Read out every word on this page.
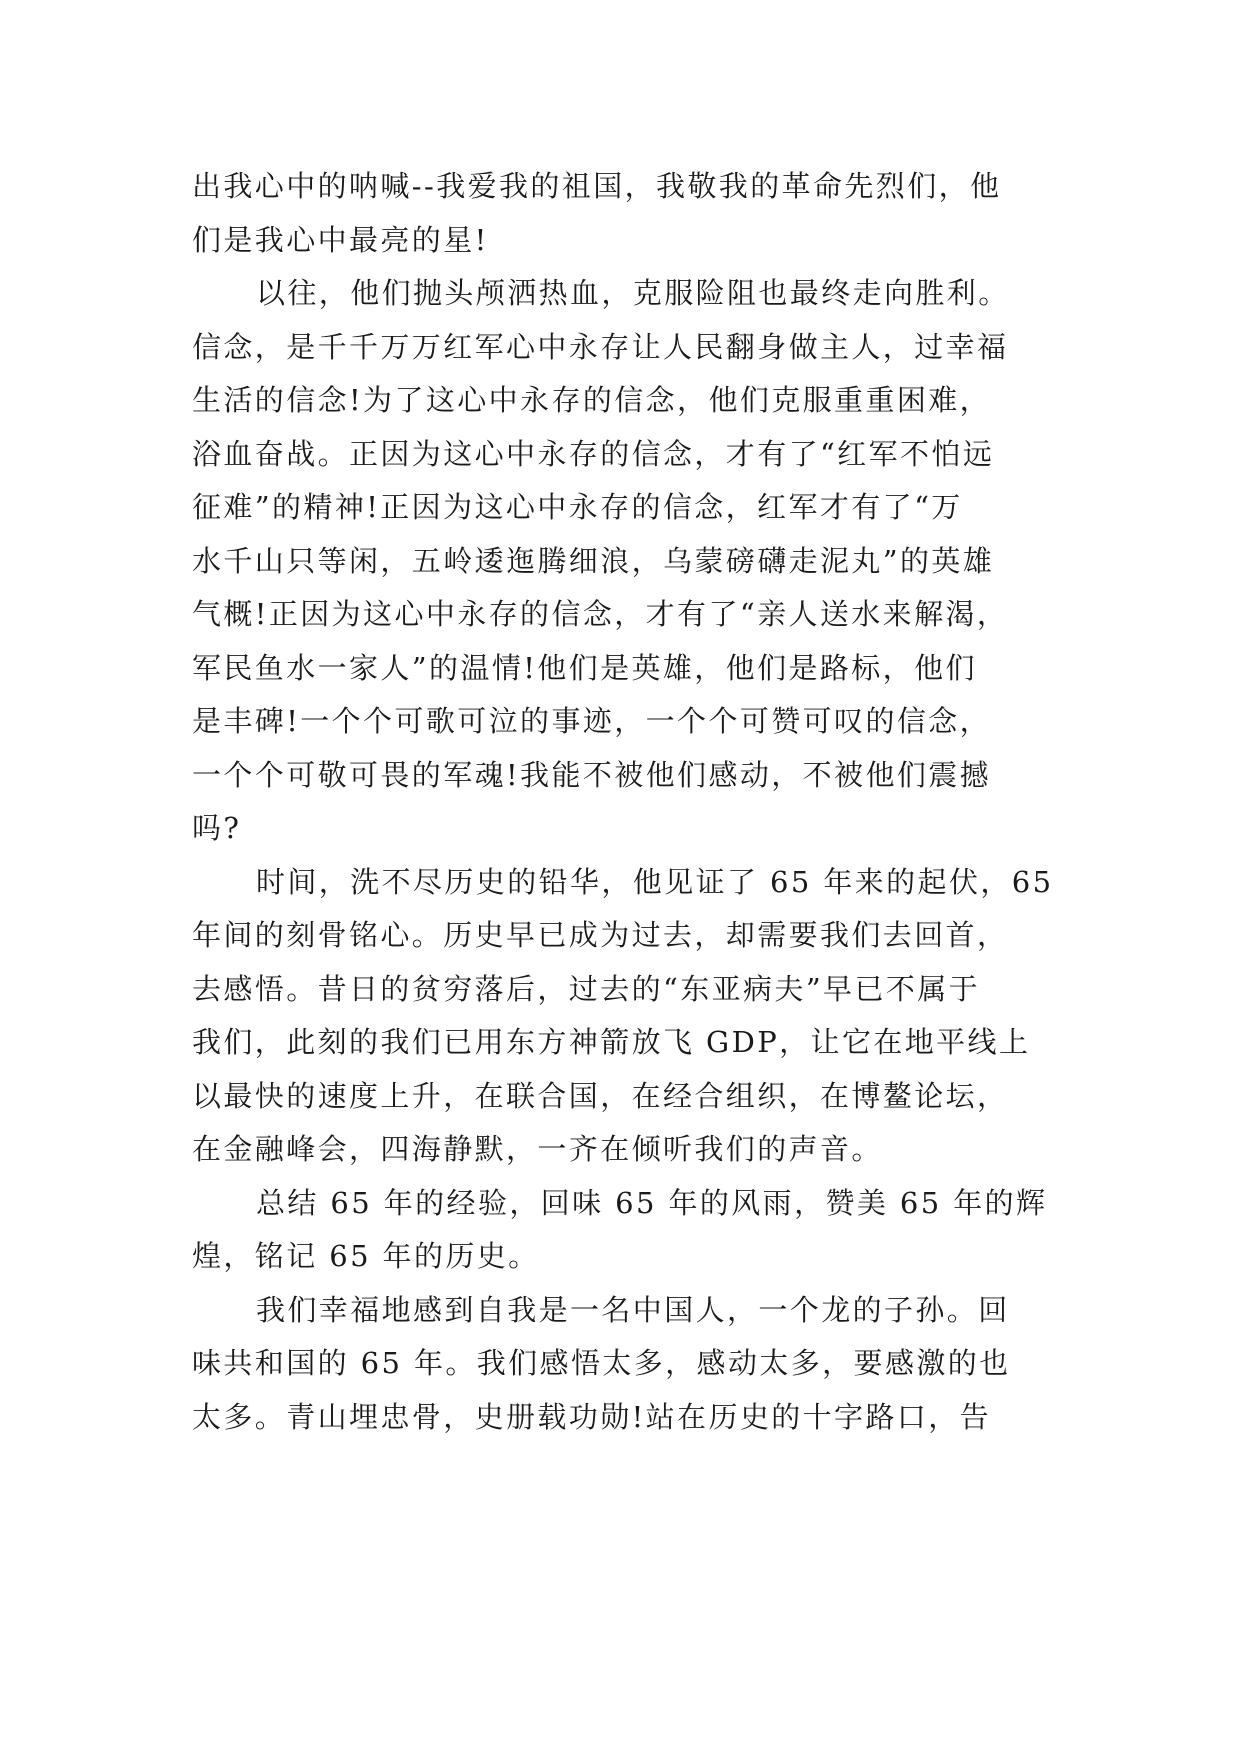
出我心中的呐喊--我爱我的祖国，我敬我的革命先烈们，他
们是我心中最亮的星!
以往，他们抛头颅洒热血，克服险阻也最终走向胜利。
信念，是千千万万红军心中永存让人民翻身做主人，过幸福
生活的信念!为了这心中永存的信念，他们克服重重困难，
浴血奋战。正因为这心中永存的信念，才有了“红军不怕远
征难”的精神!正因为这心中永存的信念，红军才有了“万
水千山只等闲，五岭逶迤腾细浪，乌蒙磅礴走泥丸”的英雄
气概!正因为这心中永存的信念，才有了“亲人送水来解渴，
军民鱼水一家人”的温情!他们是英雄，他们是路标，他们
是丰碑!一个个可歌可泣的事迹，一个个可赞可叹的信念，
一个个可敬可畏的军魂!我能不被他们感动，不被他们震撼
吗?
时间，洗不尽历史的铅华，他见证了 65 年来的起伏，65
年间的刻骨铭心。历史早已成为过去，却需要我们去回首，
去感悟。昔日的贫穷落后，过去的“东亚病夫”早已不属于
我们，此刻的我们已用东方神箭放飞 GDP，让它在地平线上
以最快的速度上升，在联合国，在经合组织，在博鳌论坛，
在金融峰会，四海静默，一齐在倾听我们的声音。
总结 65 年的经验，回味 65 年的风雨，赞美 65 年的辉
煌，铭记 65 年的历史。
我们幸福地感到自我是一名中国人，一个龙的子孙。回
味共和国的 65 年。我们感悟太多，感动太多，要感激的也
太多。青山埋忠骨，史册载功勋!站在历史的十字路口，告
